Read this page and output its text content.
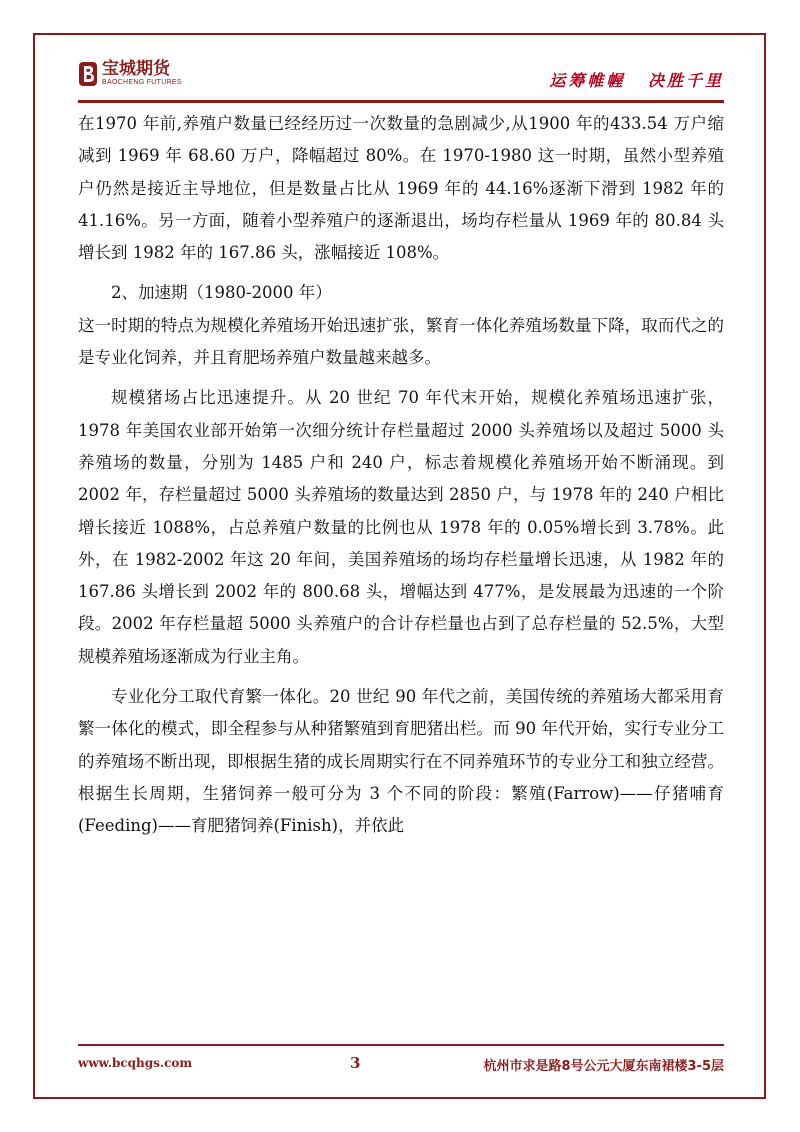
宝城期货
BAOCHENG FUTURES	运筹帷幄 决胜千里

在1970 年前,养殖户数量已经经历过一次数量的急剧减少,从1900 年的433.54 万户缩减到 1969 年 68.60 万户，降幅超过 80%。在 1970-1980 这一时期，虽然小型养殖户仍然是接近主导地位，但是数量占比从 1969 年的 44.16%逐渐下滑到 1982 年的 41.16%。另一方面，随着小型养殖户的逐渐退出，场均存栏量从 1969 年的 80.84 头增长到 1982 年的 167.86 头，涨幅接近 108%。

2、加速期（1980-2000 年）

这一时期的特点为规模化养殖场开始迅速扩张，繁育一体化养殖场数量下降，取而代之的是专业化饲养，并且育肥场养殖户数量越来越多。

规模猪场占比迅速提升。从 20 世纪 70 年代末开始，规模化养殖场迅速扩张，1978 年美国农业部开始第一次细分统计存栏量超过 2000 头养殖场以及超过 5000 头养殖场的数量，分别为 1485 户和 240 户，标志着规模化养殖场开始不断涌现。到 2002 年，存栏量超过 5000 头养殖场的数量达到 2850 户，与 1978 年的 240 户相比增长接近 1088%，占总养殖户数量的比例也从 1978 年的 0.05%增长到 3.78%。此外，在 1982-2002 年这 20 年间，美国养殖场的场均存栏量增长迅速，从 1982 年的 167.86 头增长到 2002 年的 800.68 头，增幅达到 477%，是发展最为迅速的一个阶段。2002 年存栏量超 5000 头养殖户的合计存栏量也占到了总存栏量的 52.5%，大型规模养殖场逐渐成为行业主角。

专业化分工取代育繁一体化。20 世纪 90 年代之前，美国传统的养殖场大都采用育繁一体化的模式，即全程参与从种猪繁殖到育肥猪出栏。而 90 年代开始，实行专业分工的养殖场不断出现，即根据生猪的成长周期实行在不同养殖环节的专业分工和独立经营。根据生长周期，生猪饲养一般可分为 3 个不同的阶段：繁殖(Farrow)——仔猪哺育(Feeding)——育肥猪饲养(Finish)，并依此

www.bcqhgs.com	3	杭州市求是路8号公元大厦东南裙楼3-5层
